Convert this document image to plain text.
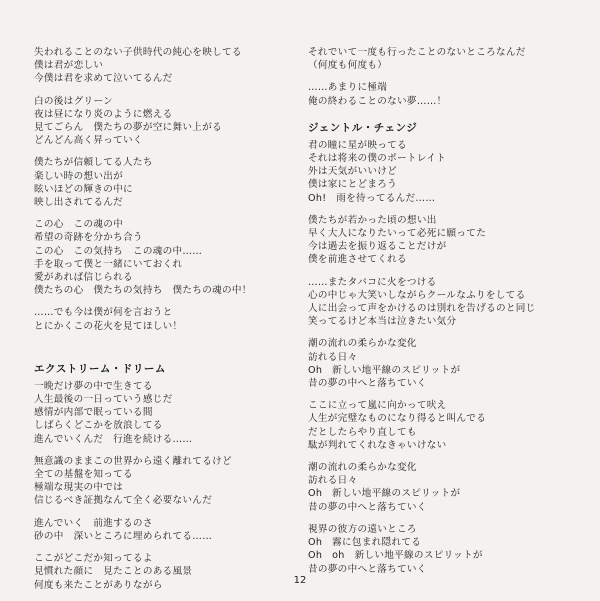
失われることのない子供時代の純心を映してる
僕は君が恋しい
今僕は君を求めて泣いてるんだ
白の後はグリーン
夜は昼になり炎のように燃える
見てごらん　僕たちの夢が空に舞い上がる
どんどん高く昇っていく
僕たちが信頼してる人たち
楽しい時の想い出が
眩いほどの輝きの中に
映し出されてるんだ
この心　この魂の中
希望の奇跡を分かち合う
この心　この気持ち　この魂の中……
手を取って僕と一緒にいておくれ
愛があれば信じられる
僕たちの心　僕たちの気持ち　僕たちの魂の中！
……でも今は僕が何を言おうと
とにかくこの花火を見てほしい！
エクストリーム・ドリーム
一晩だけ夢の中で生きてる
人生最後の一日っていう感じだ
感情が内部で眠っている間
しばらくどこかを放浪してる
進んでいくんだ　行進を続ける……
無意識のままこの世界から遠く離れてるけど
全ての基盤を知ってる
極端な現実の中では
信じるべき証拠なんて全く必要ないんだ
進んでいく　前進するのさ
砂の中　深いところに埋められてる……
ここがどこだか知ってるよ
見慣れた顔に　見たことのある風景
何度も来たことがありながら
それでいて一度も行ったことのないところなんだ
（何度も何度も）
……あまりに極端
俺の終わることのない夢……！
ジェントル・チェンジ
君の瞳に星が映ってる
それは将来の僕のポートレイト
外は天気がいいけど
僕は家にとどまろう
Oh!　雨を待ってるんだ……
僕たちが若かった頃の想い出
早く大人になりたいって必死に願ってた
今は過去を振り返ることだけが
僕を前進させてくれる
……またタバコに火をつける
心の中じゃ大笑いしながらクールなふりをしてる
人に出会って声をかけるのは別れを告げるのと同じ
笑ってるけど本当は泣きたい気分
潮の流れの柔らかな変化
訪れる日々
Oh　新しい地平線のスピリットが
昔の夢の中へと落ちていく
ここに立って嵐に向かって吠え
人生が完璧なものになり得ると叫んでる
だとしたらやり直しても
駄が判れてくれなきゃいけない
潮の流れの柔らかな変化
訪れる日々
Oh　新しい地平線のスピリットが
昔の夢の中へと落ちていく
視界の彼方の遠いところ
Oh　霧に包まれ隠れてる
Oh　oh　新しい地平線のスピリットが
昔の夢の中へと落ちていく
12
